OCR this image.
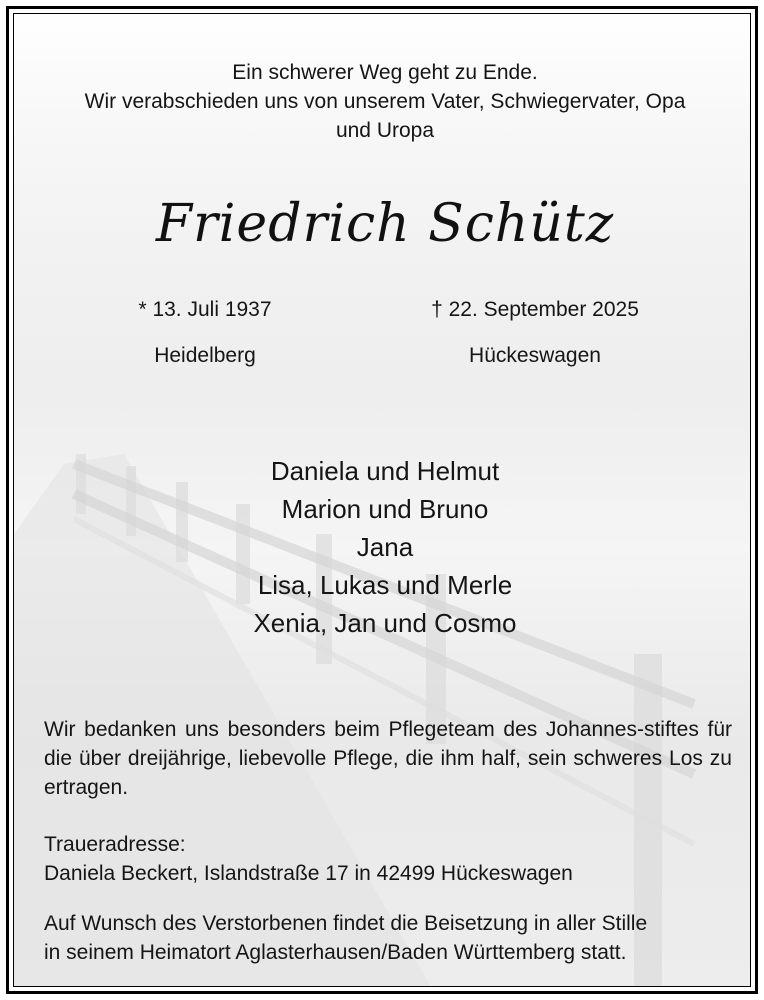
Ein schwerer Weg geht zu Ende.
Wir verabschieden uns von unserem Vater, Schwiegervater, Opa
und Uropa
Friedrich Schütz
* 13. Juli 1937
Heidelberg
† 22. September 2025
Hückeswagen
Daniela und Helmut
Marion und Bruno
Jana
Lisa, Lukas und Merle
Xenia, Jan und Cosmo
Wir bedanken uns besonders beim Pflegeteam des Johannes-stiftes für die über dreijährige, liebevolle Pflege, die ihm half, sein schweres Los zu ertragen.
Traueradresse:
Daniela Beckert, Islandstraße 17 in 42499 Hückeswagen
Auf Wunsch des Verstorbenen findet die Beisetzung in aller Stille
in seinem Heimatort Aglasterhausen/Baden Württemberg statt.
